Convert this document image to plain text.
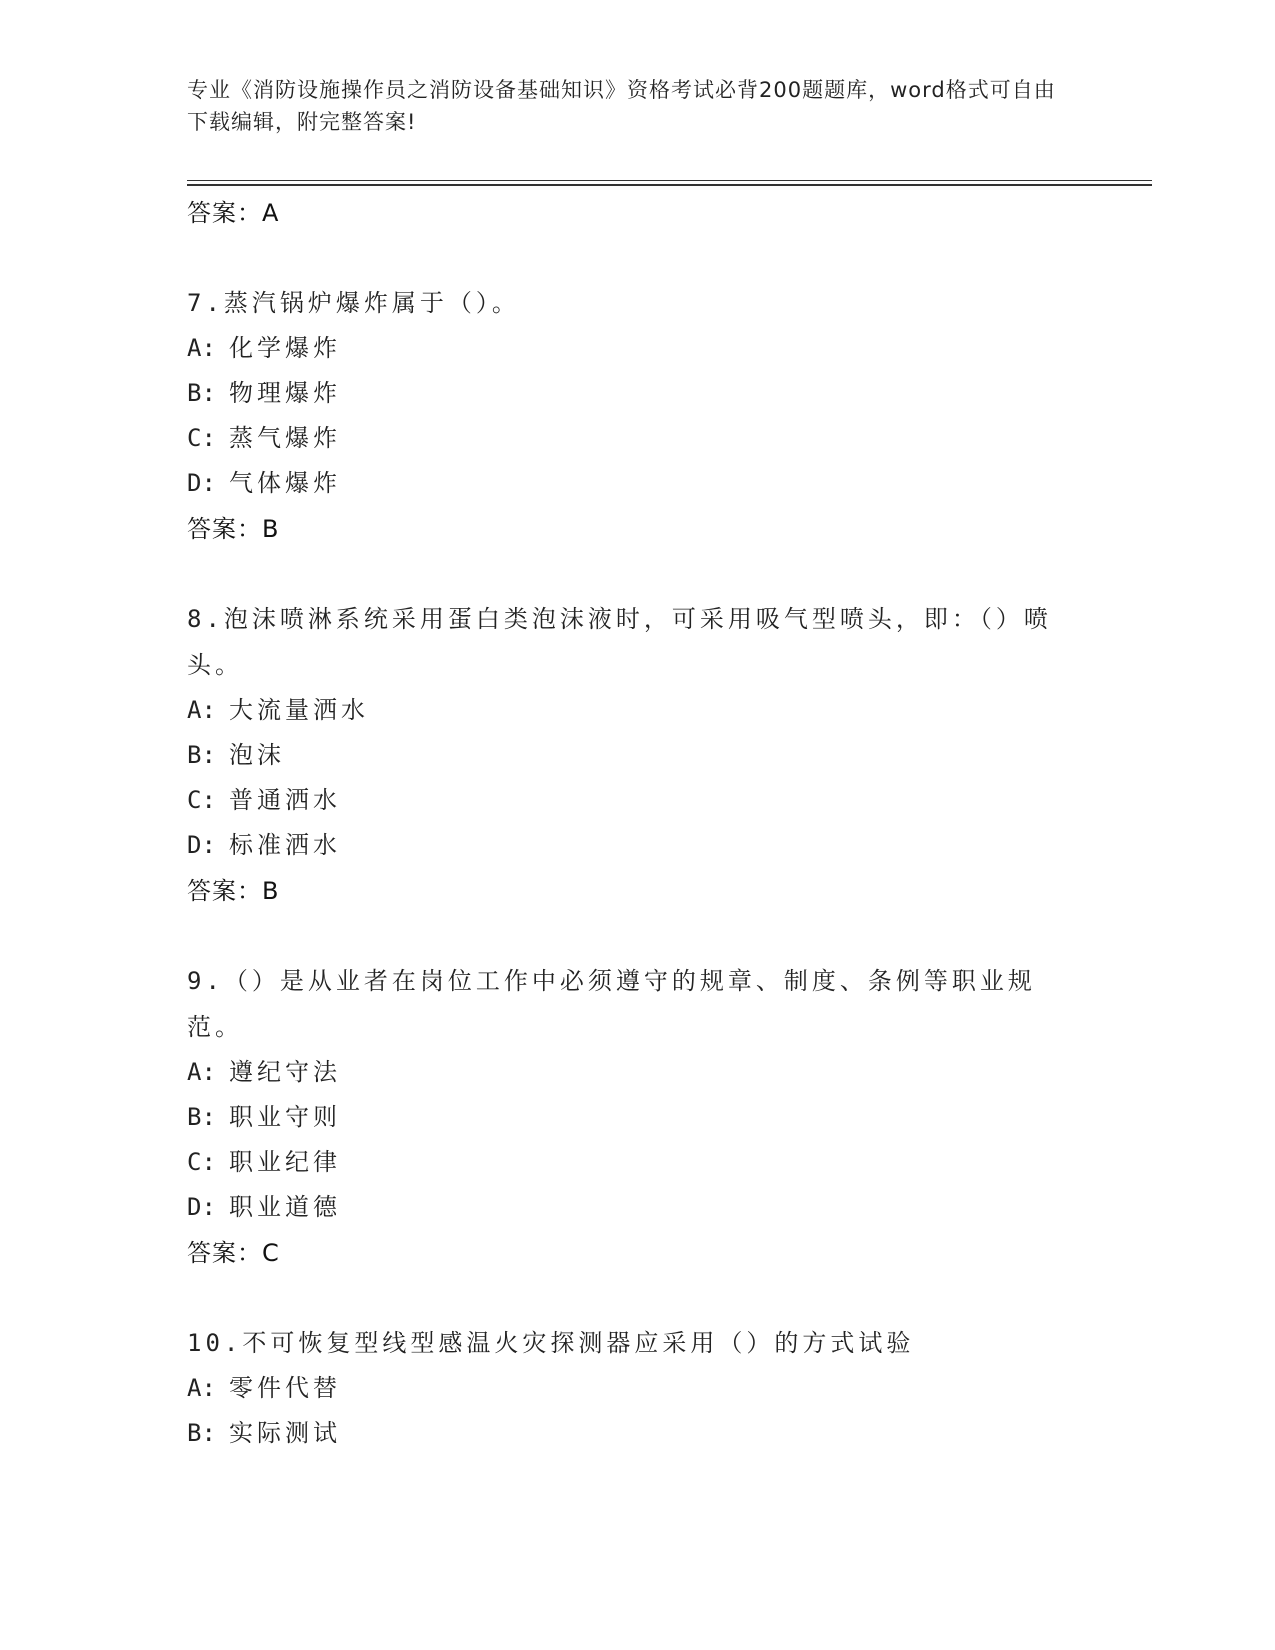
专业《消防设施操作员之消防设备基础知识》资格考试必背200题题库，word格式可自由下载编辑，附完整答案!
答案：A
7.蒸汽锅炉爆炸属于（）。
A: 化学爆炸
B: 物理爆炸
C: 蒸气爆炸
D: 气体爆炸
答案：B
8.泡沫喷淋系统采用蛋白类泡沫液时，可采用吸气型喷头，即：（）喷头。
A: 大流量洒水
B: 泡沫
C: 普通洒水
D: 标准洒水
答案：B
9.（）是从业者在岗位工作中必须遵守的规章、制度、条例等职业规范。
A: 遵纪守法
B: 职业守则
C: 职业纪律
D: 职业道德
答案：C
10.不可恢复型线型感温火灾探测器应采用（）的方式试验
A: 零件代替
B: 实际测试
